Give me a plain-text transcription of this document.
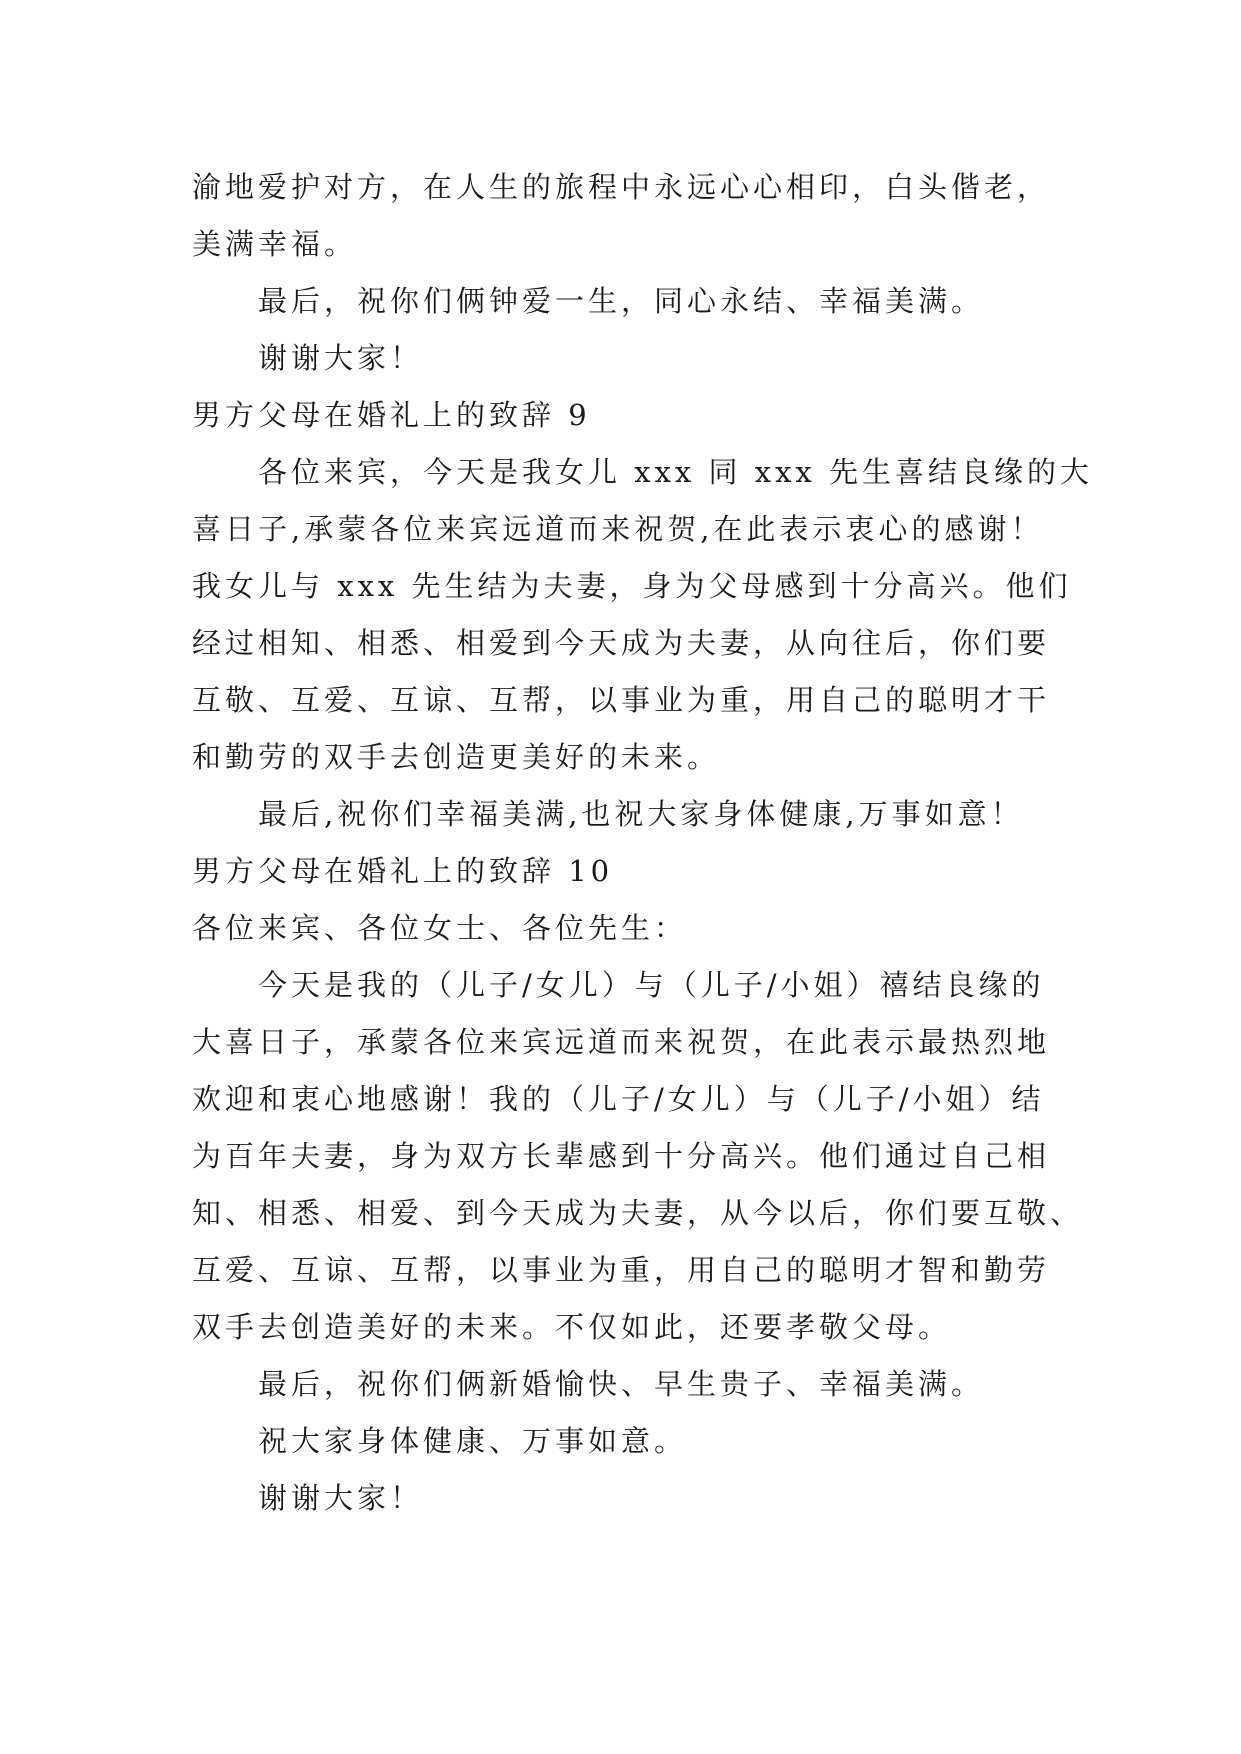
渝地爱护对方，在人生的旅程中永远心心相印，白头偕老，
美满幸福。
最后，祝你们俩钟爱一生，同心永结、幸福美满。
谢谢大家！
男方父母在婚礼上的致辞 9
各位来宾，今天是我女儿 xxx 同 xxx 先生喜结良缘的大
喜日子,承蒙各位来宾远道而来祝贺,在此表示衷心的感谢！
我女儿与 xxx 先生结为夫妻，身为父母感到十分高兴。他们
经过相知、相悉、相爱到今天成为夫妻，从向往后，你们要
互敬、互爱、互谅、互帮，以事业为重，用自己的聪明才干
和勤劳的双手去创造更美好的未来。
最后,祝你们幸福美满,也祝大家身体健康,万事如意！
男方父母在婚礼上的致辞 10
各位来宾、各位女士、各位先生：
今天是我的（儿子/女儿）与（儿子/小姐）禧结良缘的
大喜日子，承蒙各位来宾远道而来祝贺，在此表示最热烈地
欢迎和衷心地感谢！我的（儿子/女儿）与（儿子/小姐）结
为百年夫妻，身为双方长辈感到十分高兴。他们通过自己相
知、相悉、相爱、到今天成为夫妻，从今以后，你们要互敬、
互爱、互谅、互帮，以事业为重，用自己的聪明才智和勤劳
双手去创造美好的未来。不仅如此，还要孝敬父母。
最后，祝你们俩新婚愉快、早生贵子、幸福美满。
祝大家身体健康、万事如意。
谢谢大家！
